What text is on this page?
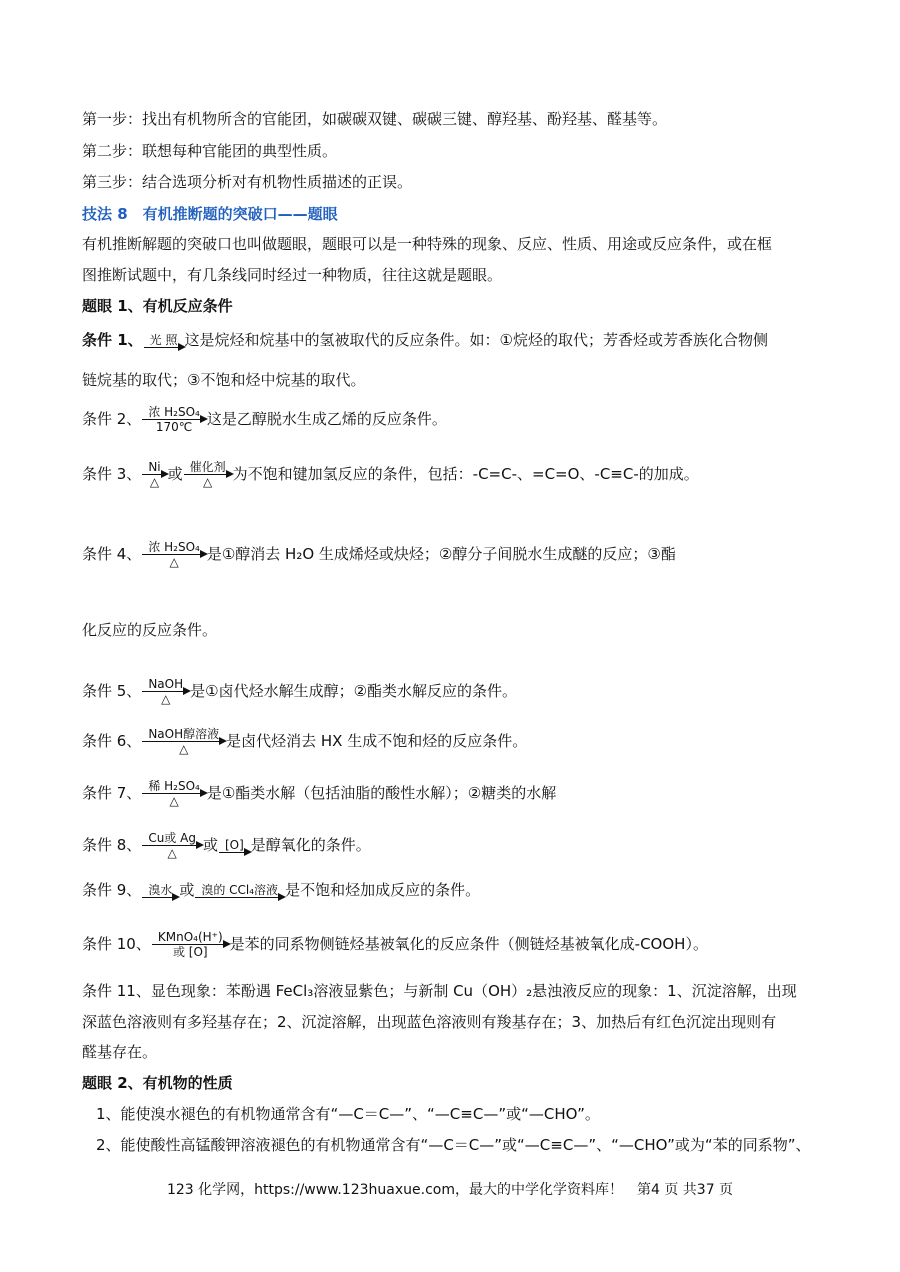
第一步：找出有机物所含的官能团，如碳碳双键、碳碳三键、醇羟基、酚羟基、醛基等。
第二步：联想每种官能团的典型性质。
第三步：结合选项分析对有机物性质描述的正误。
技法 8　有机推断题的突破口——题眼
有机推断解题的突破口也叫做题眼，题眼可以是一种特殊的现象、反应、性质、用途或反应条件，或在框
图推断试题中，有几条线同时经过一种物质，往往这就是题眼。
题眼 1、有机反应条件
条件 1、 光 照 这是烷烃和烷基中的氢被取代的反应条件。如：①烷烃的取代；芳香烃或芳香族化合物侧
链烷基的取代；③不饱和烃中烷基的取代。
条件 2、 浓 H₂SO₄
170℃ 这是乙醇脱水生成乙烯的反应条件。
条件 3、 Ni
△ 或 催化剂
△	为不饱和键加氢反应的条件，包括：-C=C-、=C=O、-C≡C-的加成。
条件 4、 浓 H₂SO₄
△	是①醇消去 H₂O 生成烯烃或炔烃；②醇分子间脱水生成醚的反应；③酯
化反应的反应条件。
条件 5、 NaOH
△	是①卤代烃水解生成醇；②酯类水解反应的条件。
条件 6、 NaOH醇溶液
△	是卤代烃消去 HX 生成不饱和烃的反应条件。
条件 7、 稀 H₂SO₄
△	是①酯类水解（包括油脂的酸性水解）；②糖类的水解
条件 8、 Cu或 Ag
△	或 [O] 是醇氧化的条件。
条件 9、 溴水 或 溴的 CCl₄溶液 是不饱和烃加成反应的条件。
条件 10、 KMnO₄(H⁺)
或 [O]	是苯的同系物侧链烃基被氧化的反应条件（侧链烃基被氧化成-COOH）。
条件 11、显色现象：苯酚遇 FeCl₃溶液显紫色；与新制 Cu（OH）₂悬浊液反应的现象：1、沉淀溶解，出现
深蓝色溶液则有多羟基存在；2、沉淀溶解，出现蓝色溶液则有羧基存在；3、加热后有红色沉淀出现则有
醛基存在。
题眼 2、有机物的性质
1、能使溴水褪色的有机物通常含有“—C＝C—”、“—C≡C—”或“—CHO”。
2、能使酸性高锰酸钾溶液褪色的有机物通常含有“—C＝C—”或“—C≡C—”、“—CHO”或为“苯的同系物”、
123 化学网，https://www.123huaxue.com，最大的中学化学资料库！　第4 页 共37 页
